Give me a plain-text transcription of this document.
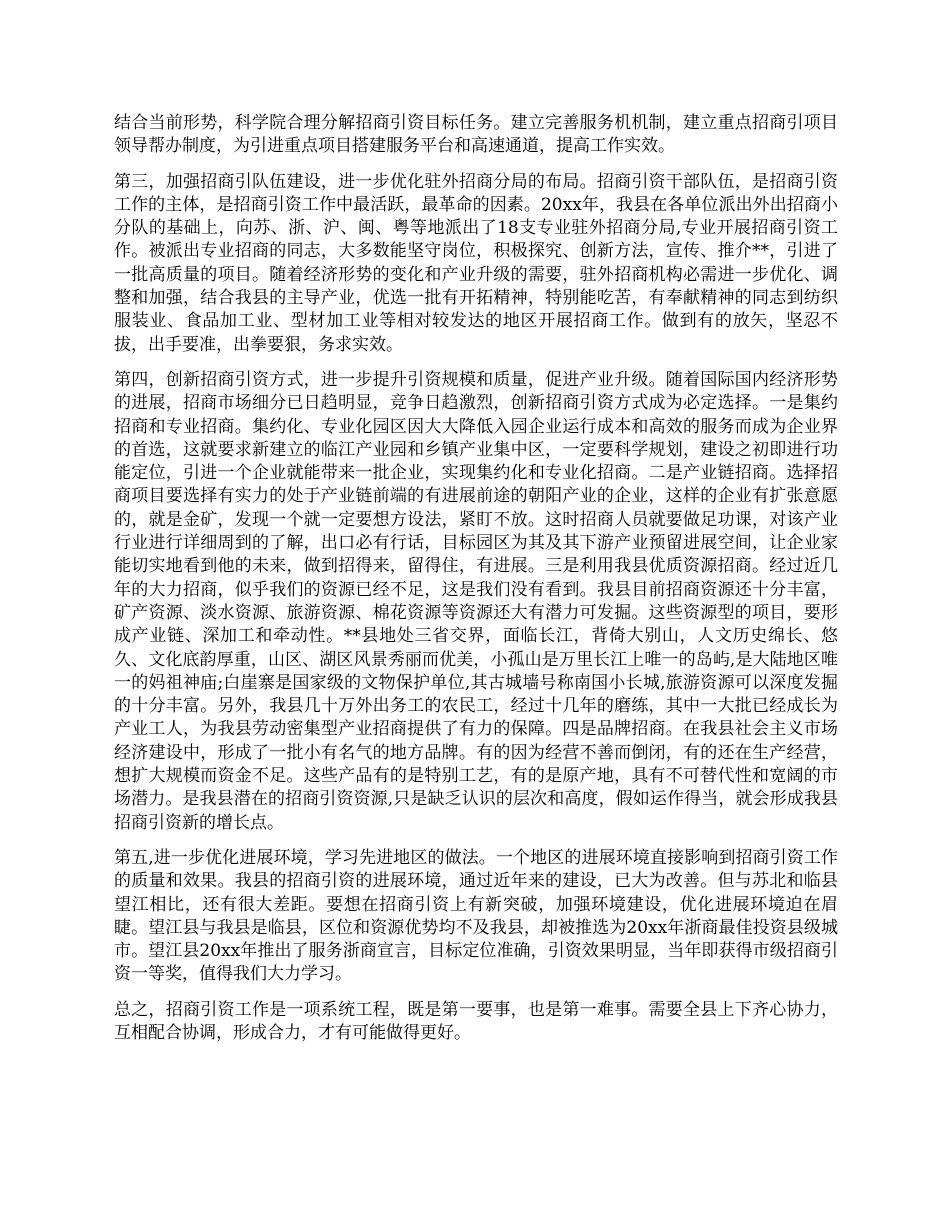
结合当前形势，科学院合理分解招商引资目标任务。建立完善服务机机制，建立重点招商引项目领导帮办制度，为引进重点项目搭建服务平台和高速通道，提高工作实效。

第三，加强招商引队伍建设，进一步优化驻外招商分局的布局。招商引资干部队伍，是招商引资工作的主体，是招商引资工作中最活跃，最革命的因素。20xx年，我县在各单位派出外出招商小分队的基础上，向苏、浙、沪、闽、粤等地派出了18支专业驻外招商分局,专业开展招商引资工作。被派出专业招商的同志，大多数能坚守岗位，积极探究、创新方法，宣传、推介**，引进了一批高质量的项目。随着经济形势的变化和产业升级的需要，驻外招商机构必需进一步优化、调整和加强，结合我县的主导产业，优选一批有开拓精神，特别能吃苦，有奉献精神的同志到纺织服装业、食品加工业、型材加工业等相对较发达的地区开展招商工作。做到有的放矢，坚忍不拔，出手要准，出拳要狠，务求实效。

第四，创新招商引资方式，进一步提升引资规模和质量，促进产业升级。随着国际国内经济形势的进展，招商市场细分已日趋明显，竞争日趋激烈，创新招商引资方式成为必定选择。一是集约招商和专业招商。集约化、专业化园区因大大降低入园企业运行成本和高效的服务而成为企业界的首选，这就要求新建立的临江产业园和乡镇产业集中区，一定要科学规划，建设之初即进行功能定位，引进一个企业就能带来一批企业，实现集约化和专业化招商。二是产业链招商。选择招商项目要选择有实力的处于产业链前端的有进展前途的朝阳产业的企业，这样的企业有扩张意愿的，就是金矿，发现一个就一定要想方设法，紧盯不放。这时招商人员就要做足功课，对该产业行业进行详细周到的了解，出口必有行话，目标园区为其及其下游产业预留进展空间，让企业家能切实地看到他的未来，做到招得来，留得住，有进展。三是利用我县优质资源招商。经过近几年的大力招商，似乎我们的资源已经不足，这是我们没有看到。我县目前招商资源还十分丰富，矿产资源、淡水资源、旅游资源、棉花资源等资源还大有潜力可发掘。这些资源型的项目，要形成产业链、深加工和牵动性。**县地处三省交界，面临长江，背倚大别山，人文历史绵长、悠久、文化底韵厚重，山区、湖区风景秀丽而优美，小孤山是万里长江上唯一的岛屿,是大陆地区唯一的妈祖神庙;白崖寨是国家级的文物保护单位,其古城墙号称南国小长城,旅游资源可以深度发掘的十分丰富。另外，我县几十万外出务工的农民工，经过十几年的磨练，其中一大批已经成长为产业工人，为我县劳动密集型产业招商提供了有力的保障。四是品牌招商。在我县社会主义市场经济建设中，形成了一批小有名气的地方品牌。有的因为经营不善而倒闭，有的还在生产经营，想扩大规模而资金不足。这些产品有的是特别工艺，有的是原产地，具有不可替代性和宽阔的市场潜力。是我县潜在的招商引资资源,只是缺乏认识的层次和高度，假如运作得当，就会形成我县招商引资新的增长点。

第五,进一步优化进展环境，学习先进地区的做法。一个地区的进展环境直接影响到招商引资工作的质量和效果。我县的招商引资的进展环境，通过近年来的建设，已大为改善。但与苏北和临县望江相比，还有很大差距。要想在招商引资上有新突破，加强环境建设，优化进展环境迫在眉睫。望江县与我县是临县，区位和资源优势均不及我县，却被推选为20xx年浙商最佳投资县级城市。望江县20xx年推出了服务浙商宣言，目标定位准确，引资效果明显，当年即获得市级招商引资一等奖，值得我们大力学习。

总之，招商引资工作是一项系统工程，既是第一要事，也是第一难事。需要全县上下齐心协力，互相配合协调，形成合力，才有可能做得更好。
